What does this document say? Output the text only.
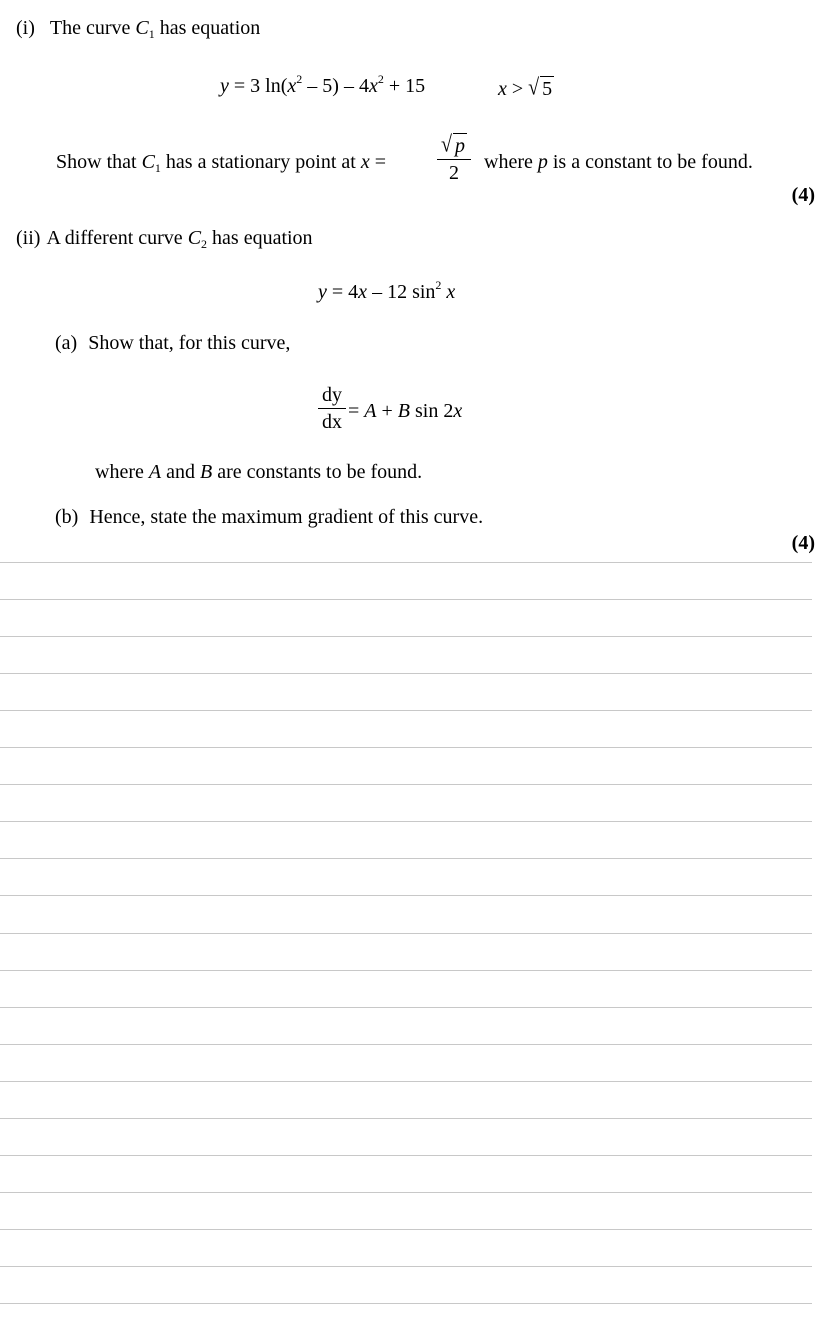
(i) The curve $C_1$ has equation
y = 3 $\ln(x^2 - 5) - 4x^2 + 15$	x > √ 5
Show that $C_1$ has a stationary point at x =
√ p
2	where p is a constant to be found.
(4)
(ii) A different curve $C_2$ has equation
y = 4x – 12 $\sin^2 x$
(a) Show that, for this curve,
dy
dx = A + B sin 2x
where A and B are constants to be found.
(b) Hence, state the maximum gradient of this curve.
(4)
